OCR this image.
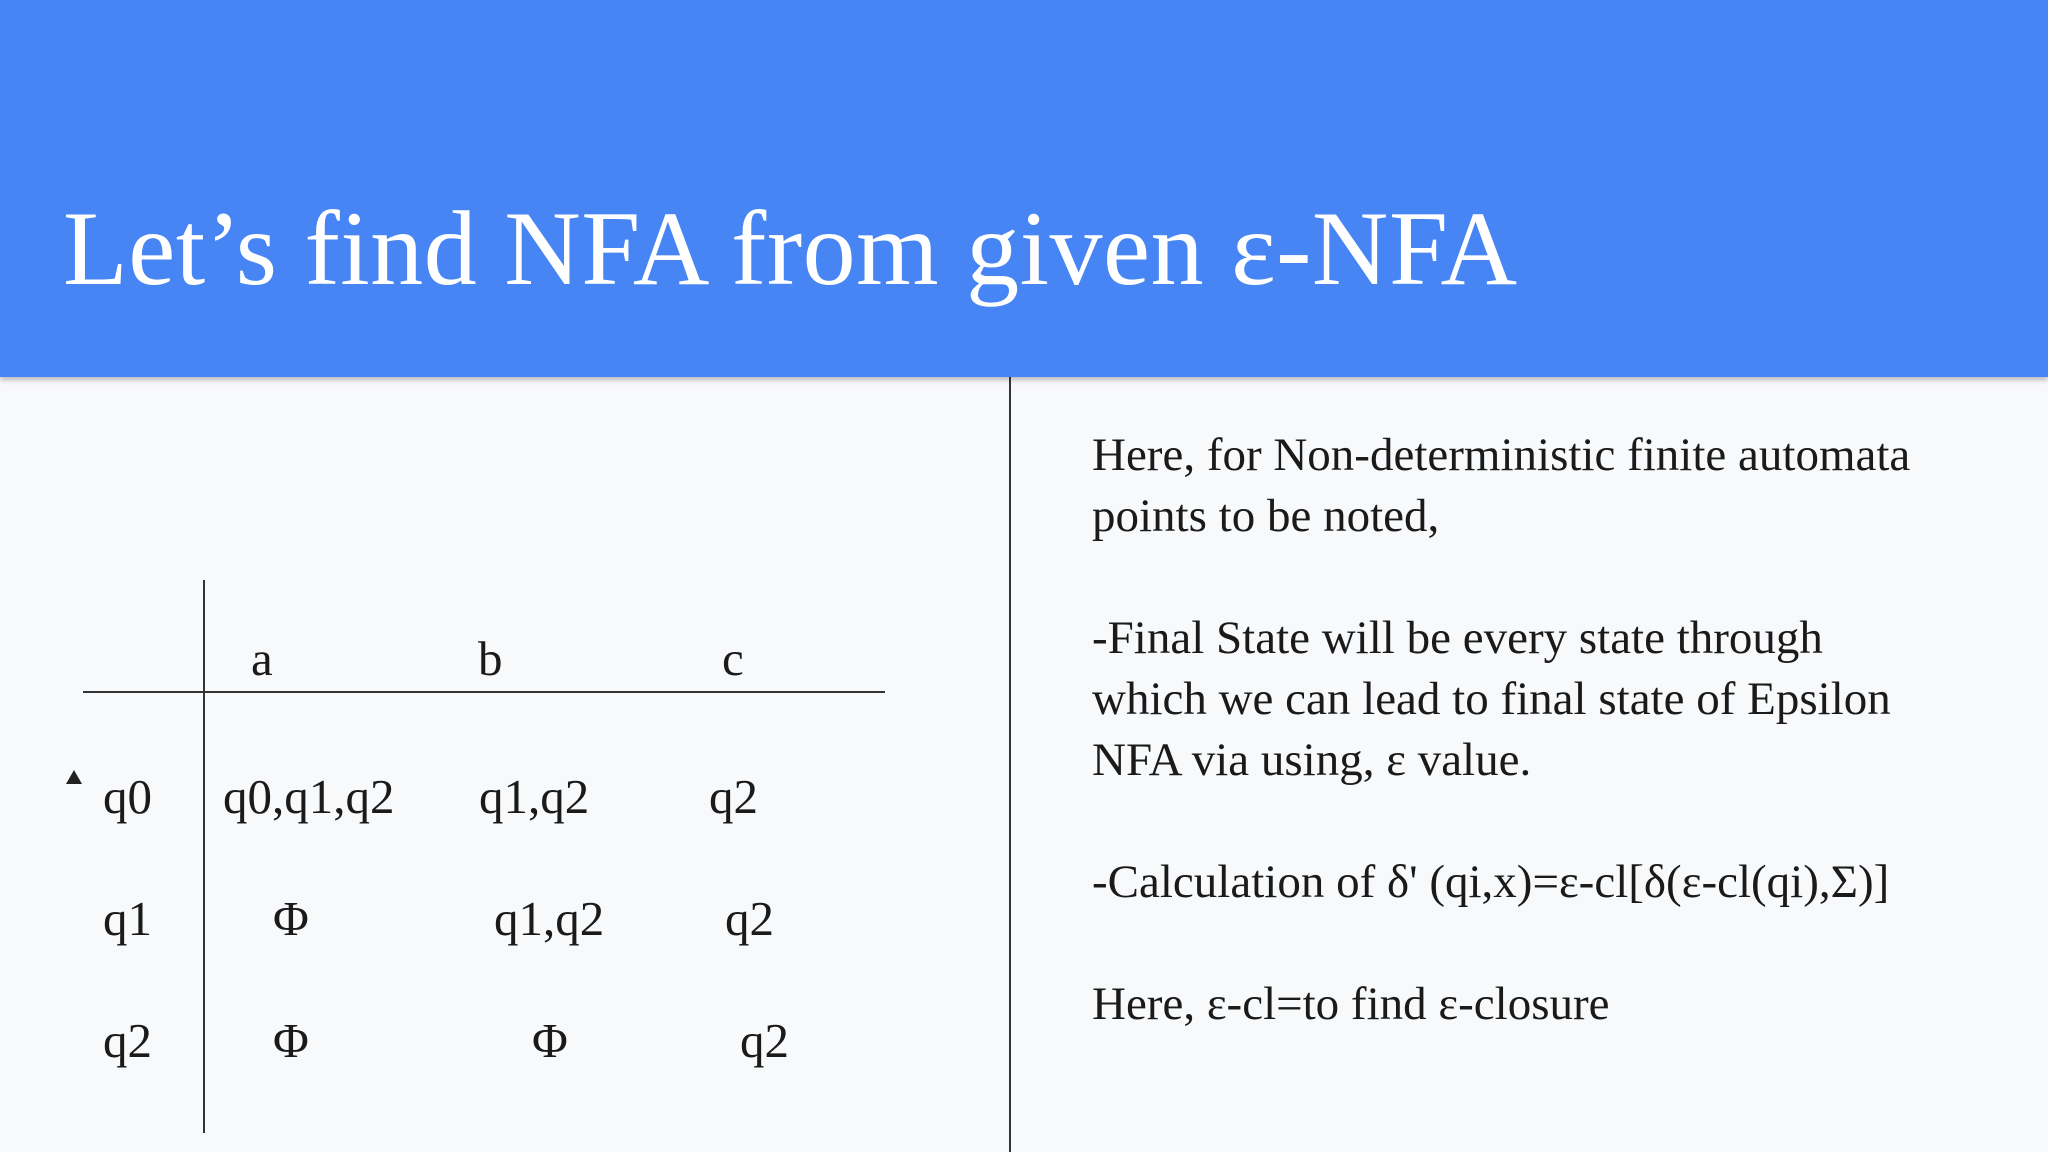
Let’s find NFA from given ε-NFA
a	b	c
q0 q0,q1,q2 q1,q2 q2
q1 Φ	q1,q2 q2
q2 Φ	Φ	q2

Here, for Non-deterministic finite automata

points to be noted,

-Final State will be every state through

which we can lead to final state of Epsilon

NFA via using, ε value.

-Calculation of δ' (qi,x)=ε-cl[δ(ε-cl(qi),Σ)]

Here, ε-cl=to find ε-closure
